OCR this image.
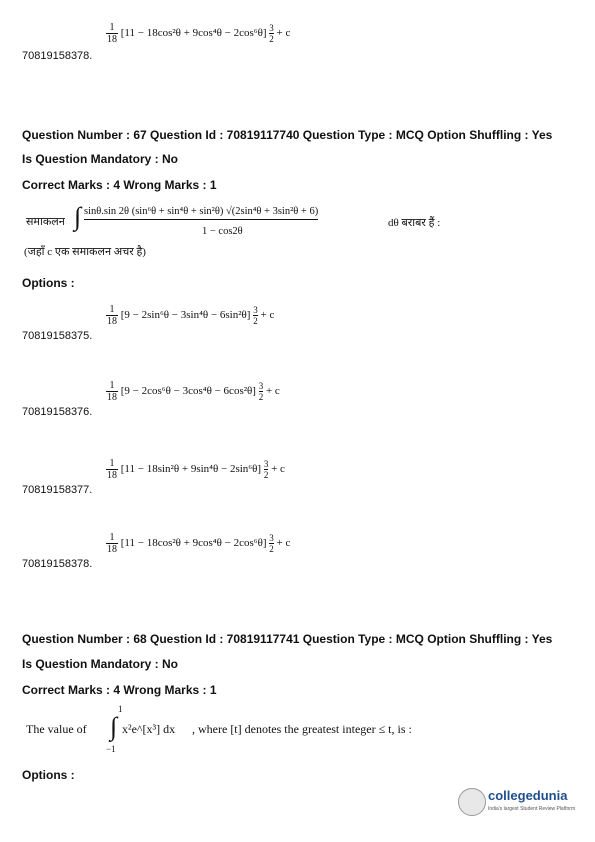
70819158378.
$\frac{1}{18} [11 - 18\cos^2\theta + 9\cos^4\theta - 2\cos^6\theta] \frac{3}{2} + c$
Question Number : 67 Question Id : 70819117740 Question Type : MCQ Option Shuffling : Yes
Is Question Mandatory : No
Correct Marks : 4 Wrong Marks : 1
समाकलन ∫ sinθ.sin 2θ (sin⁶θ + sin⁴θ + sin²θ) √(2sin⁴θ + 3sin²θ + 6)
1 − cos2θ
dθ बराबर हैं :
(जहाँ c एक समाकलन अचर है)
Options :
70819158375.
$\frac{1}{18} [9 - 2\sin^6\theta - 3\sin^4\theta - 6\sin^2\theta] \frac{3}{2} + c$
70819158376.
$\frac{1}{18} [9 - 2\cos^6\theta - 3\cos^4\theta - 6\cos^2\theta] \frac{3}{2} + c$
70819158377.
$\frac{1}{18} [11 - 18\sin^2\theta + 9\sin^4\theta - 2\sin^6\theta] \frac{3}{2} + c$
70819158378.
$\frac{1}{18} [11 - 18\cos^2\theta + 9\cos^4\theta - 2\cos^6\theta] \frac{3}{2} + c$
Question Number : 68 Question Id : 70819117741 Question Type : MCQ Option Shuffling : Yes
Is Question Mandatory : No
Correct Marks : 4 Wrong Marks : 1
The value of
1
∫
−1
x²e^[x³] dx , where [t] denotes the greatest integer ≤ t, is :
Options :
collegedunia
India's largest Student Review Platform
